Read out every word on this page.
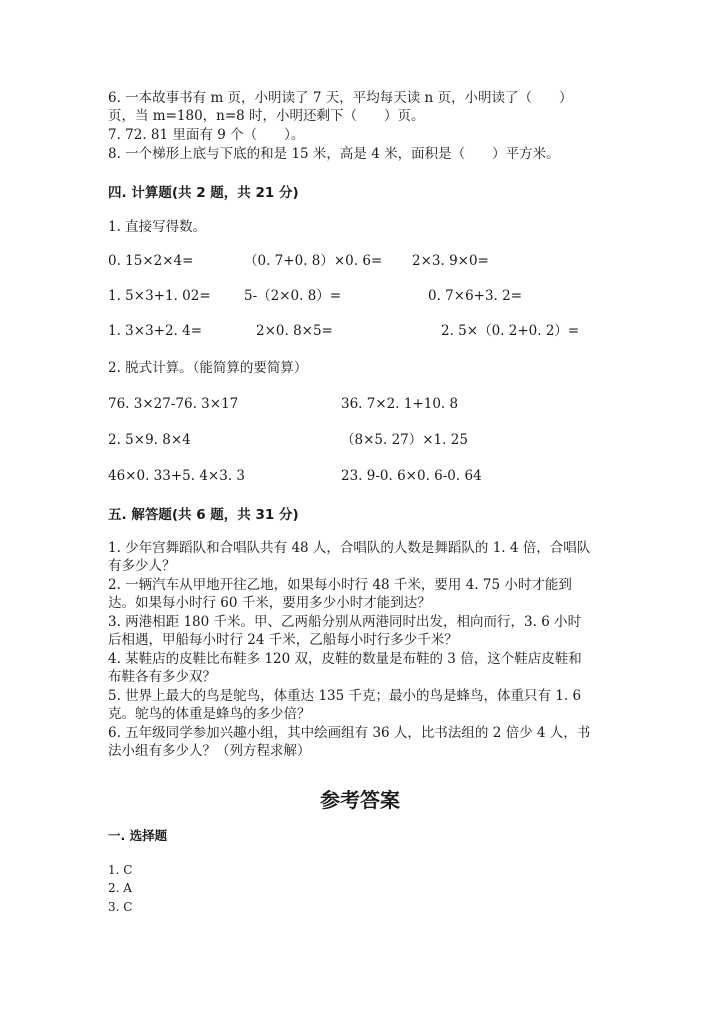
6. 一本故事书有 m 页，小明读了 7 天，平均每天读 n 页，小明读了（　　）
页，当 m=180，n=8 时，小明还剩下（　　）页。
7. 72. 81 里面有 9 个（　　）。
8. 一个梯形上底与下底的和是 15 米，高是 4 米，面积是（　　）平方米。
四. 计算题(共 2 题，共 21 分)
1. 直接写得数。
0. 15×2×4=	（0. 7+0. 8）×0. 6= 2×3. 9×0=
1. 5×3+1. 02= 5-（2×0. 8）=	0. 7×6+3. 2=
1. 3×3+2. 4=	2×0. 8×5=	2. 5×（0. 2+0. 2）=
2. 脱式计算。（能简算的要简算）
76. 3×27-76. 3×17	36. 7×2. 1+10. 8
2. 5×9. 8×4	（8×5. 27）×1. 25
46×0. 33+5. 4×3. 3	23. 9-0. 6×0. 6-0. 64
五. 解答题(共 6 题，共 31 分)
1. 少年宫舞蹈队和合唱队共有 48 人，合唱队的人数是舞蹈队的 1. 4 倍，合唱队
有多少人？
2. 一辆汽车从甲地开往乙地，如果每小时行 48 千米，要用 4. 75 小时才能到
达。如果每小时行 60 千米，要用多少小时才能到达？
3. 两港相距 180 千米。甲、乙两船分别从两港同时出发，相向而行，3. 6 小时
后相遇，甲船每小时行 24 千米，乙船每小时行多少千米？
4. 某鞋店的皮鞋比布鞋多 120 双，皮鞋的数量是布鞋的 3 倍，这个鞋店皮鞋和
布鞋各有多少双？
5. 世界上最大的鸟是鸵鸟，体重达 135 千克；最小的鸟是蜂鸟，体重只有 1. 6
克。鸵鸟的体重是蜂鸟的多少倍？
6. 五年级同学参加兴趣小组，其中绘画组有 36 人，比书法组的 2 倍少 4 人，书
法小组有多少人？（列方程求解）
参考答案
一. 选择题
1. C
2. A
3. C
